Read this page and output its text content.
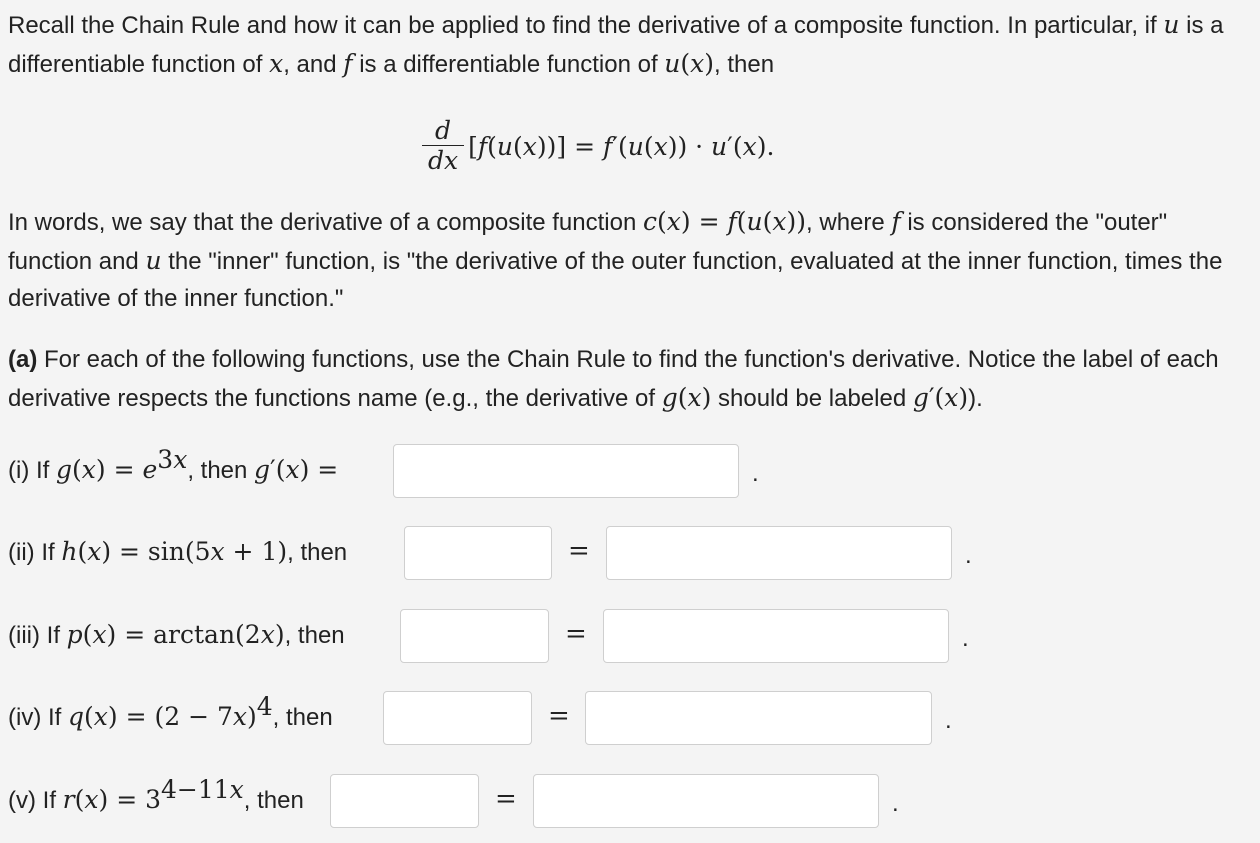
Recall the Chain Rule and how it can be applied to find the derivative of a composite function. In particular, if u is a differentiable function of x, and f is a differentiable function of u(x), then
$\frac{d}{dx}$ [ f ( u ( x ))] = f ′( u ( x )) · u ′( x ).
In words, we say that the derivative of a composite function c(x) = f(u(x)), where f is considered the "outer" function and u the "inner" function, is "the derivative of the outer function, evaluated at the inner function, times the derivative of the inner function."
(a) For each of the following functions, use the Chain Rule to find the function's derivative. Notice the label of each derivative respects the functions name (e.g., the derivative of g(x) should be labeled g′(x)).
(i) If $g(x) = e^{3x}$, then g′(x) =	.
(ii) If h(x) = sin(5x + 1), then	=	.
(iii) If p(x) = arctan(2x), then	=	.
(iv) If $q(x) = (2 - 7x)^4$, then	=	.
(v) If $r(x) = 3^{4-11x}$, then	=	.
